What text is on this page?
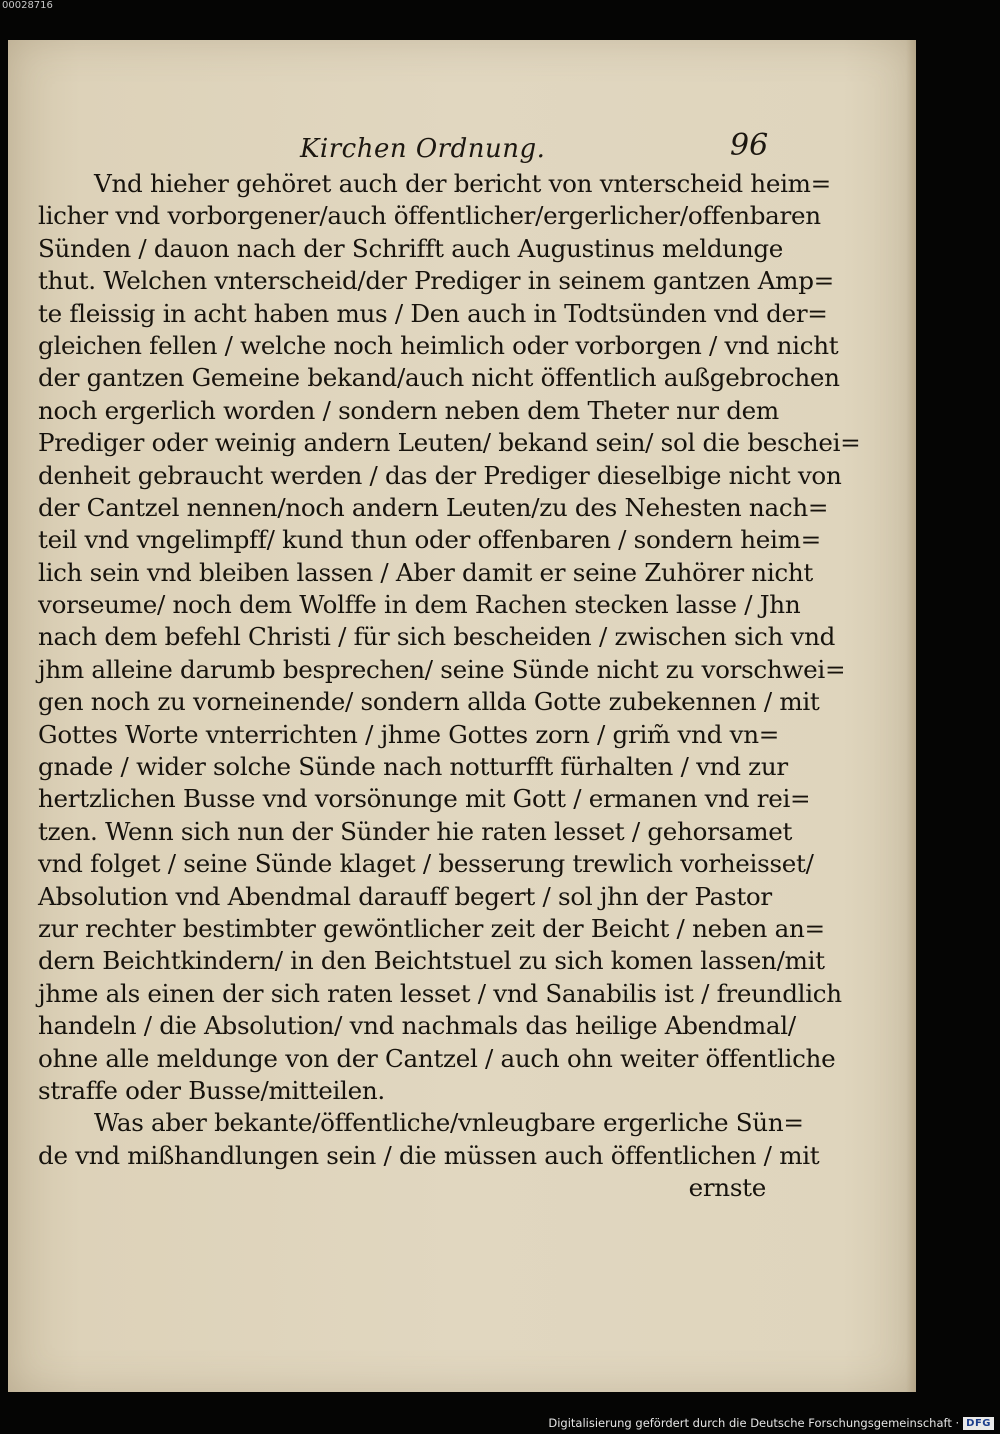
00028716
Kirchen Ordnung.	96
Vnd hieher gehöret auch der bericht von vnterscheid heim=
licher vnd vorborgener/auch öffentlicher/ergerlicher/offenbaren
Sünden / dauon nach der Schrifft auch Augustinus meldunge
thut. Welchen vnterscheid/der Prediger in seinem gantzen Amp=
te fleissig in acht haben mus / Den auch in Todtsünden vnd der=
gleichen fellen / welche noch heimlich oder vorborgen / vnd nicht
der gantzen Gemeine bekand/auch nicht öffentlich außgebrochen
noch ergerlich worden / sondern neben dem Theter nur dem
Prediger oder weinig andern Leuten/ bekand sein/ sol die beschei=
denheit gebraucht werden / das der Prediger dieselbige nicht von
der Cantzel nennen/noch andern Leuten/zu des Nehesten nach=
teil vnd vngelimpff/ kund thun oder offenbaren / sondern heim=
lich sein vnd bleiben lassen / Aber damit er seine Zuhörer nicht
vorseume/ noch dem Wolffe in dem Rachen stecken lasse / Jhn
nach dem befehl Christi / für sich bescheiden / zwischen sich vnd
jhm alleine darumb besprechen/ seine Sünde nicht zu vorschwei=
gen noch zu vorneinende/ sondern allda Gotte zubekennen / mit
Gottes Worte vnterrichten / jhme Gottes zorn / grim̃ vnd vn=
gnade / wider solche Sünde nach notturfft fürhalten / vnd zur
hertzlichen Busse vnd vorsönunge mit Gott / ermanen vnd rei=
tzen. Wenn sich nun der Sünder hie raten lesset / gehorsamet
vnd folget / seine Sünde klaget / besserung trewlich vorheisset/
Absolution vnd Abendmal darauff begert / sol jhn der Pastor
zur rechter bestimbter gewöntlicher zeit der Beicht / neben an=
dern Beichtkindern/ in den Beichtstuel zu sich komen lassen/mit
jhme als einen der sich raten lesset / vnd Sanabilis ist / freundlich
handeln / die Absolution/ vnd nachmals das heilige Abendmal/
ohne alle meldunge von der Cantzel / auch ohn weiter öffentliche
straffe oder Busse/mitteilen.
Was aber bekante/öffentliche/vnleugbare ergerliche Sün=
de vnd mißhandlungen sein / die müssen auch öffentlichen / mit
ernste
Digitalisierung gefördert durch die Deutsche Forschungsgemeinschaft · DFG
